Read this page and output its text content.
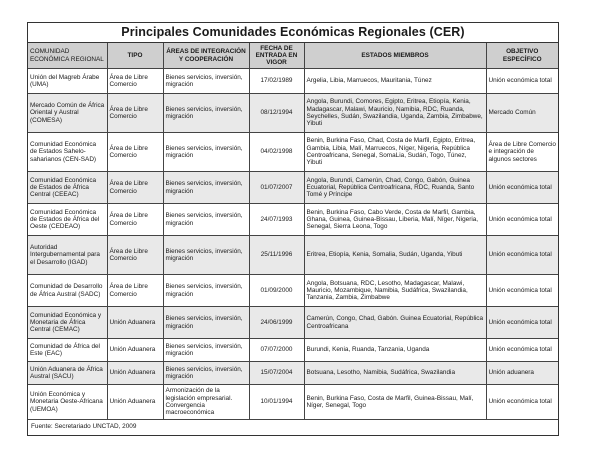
Principales Comunidades Económicas Regionales (CER)
COMUNIDAD ECONÓMICA REGIONAL	TIPO	ÁREAS DE INTEGRACIÓN Y COOPERACIÓN	FECHA DE ENTRADA EN VIGOR	ESTADOS MIEMBROS	OBJETIVO ESPECÍFICO
Unión del Magreb Árabe (UMA)	Área de Libre Comercio	Bienes servicios, inversión, migración	17/02/1989	Argelia, Libia, Marruecos, Mauritania, Túnez	Unión económica total
Mercado Común de África Oriental y Austral (COMESA)	Área de Libre Comercio	Bienes servicios, inversión, migración	08/12/1994	Angola, Burundi, Comores, Egipto, Eritrea, Etiopía, Kenia, Madagascar, Malawi, Mauricio, Namibia, RDC, Ruanda, Seychelles, Sudán, Swazilandia, Uganda, Zambia, Zimbabwe, Yibuti	Mercado Común
Comunidad Económica de Estados Sahelo-saharianos (CEN-SAD)	Área de Libre Comercio	Bienes servicios, inversión, migración	04/02/1998	Benin, Burkina Faso, Chad, Costa de Marfil, Egipto, Eritrea, Gambia, Libia, Malí, Marruecos, Níger, Nigeria, República Centroafricana, Senegal, SomaLia, Sudán, Togo, Túnez, Yibuti	Área de Libre Comercio e integración de algunos sectores
Comunidad Económica de Estados de África Central (CEEAC)	Área de Libre Comercio	Bienes servicios, inversión, migración	01/07/2007	Angola, Burundi, Camerún, Chad, Congo, Gabón, Guinea Ecuatorial, República Centroafricana, RDC, Ruanda, Santo Tomé y Príncipe	Unión económica total
Comunidad Económica de Estados de África del Oeste (CEDEAO)	Área de Libre Comercio	Bienes servicios, inversión, migración	24/07/1993	Benin, Burkina Faso, Cabo Verde, Costa de Marfil, Gambia, Ghana, Guinea, Guinea-Bissau, Liberia, Malí, Níger, Nigeria, Senegal, Sierra Leona, Togo	Unión económica total
Autoridad Intergubernamental para el Desarrollo (IGAD)	Área de Libre Comercio	Bienes servicios, inversión, migración	25/11/1996	Eritrea, Etiopía, Kenia, Somalia, Sudán, Uganda, Yibuti	Unión económica total
Comunidad de Desarrollo de África Austral (SADC)	Área de Libre Comercio	Bienes servicios, inversión, migración	01/09/2000	Angola, Botsuana, RDC, Lesotho, Madagascar, Malawi, Mauricio, Mozambique, Namibia, Sudáfrica, Swazilandia, Tanzania, Zambia, Zimbabwe	Unión económica total
Comunidad Económica y Monetaria de África Central (CEMAC)	Unión Aduanera	Bienes servicios, inversión, migración	24/06/1999	Camerún, Congo, Chad, Gabón. Guinea Ecuatorial, República Centroafricana	Unión económica total
Comunidad de África del Este (EAC)	Unión Aduanera	Bienes servicios, inversión, migración	07/07/2000	Burundi, Kenia, Ruanda, Tanzania, Uganda	Unión económica total
Unión Aduanera de África Austral (SACU)	Unión Aduanera	Bienes servicios, inversión, migración	15/07/2004	Botsuana, Lesotho, Namibia, Sudáfrica, Swazilandia	Unión aduanera
Unión Económica y Monetaria Oeste-Africana (UEMOA)	Unión Aduanera	Armonización de la legislación empresarial. Convergencia macroeconómica	10/01/1994	Benin, Burkina Faso, Costa de Marfil, Guinea-Bissau, Malí, Níger, Senegal, Togo	Unión económica total
Fuente: Secretariado UNCTAD, 2009
